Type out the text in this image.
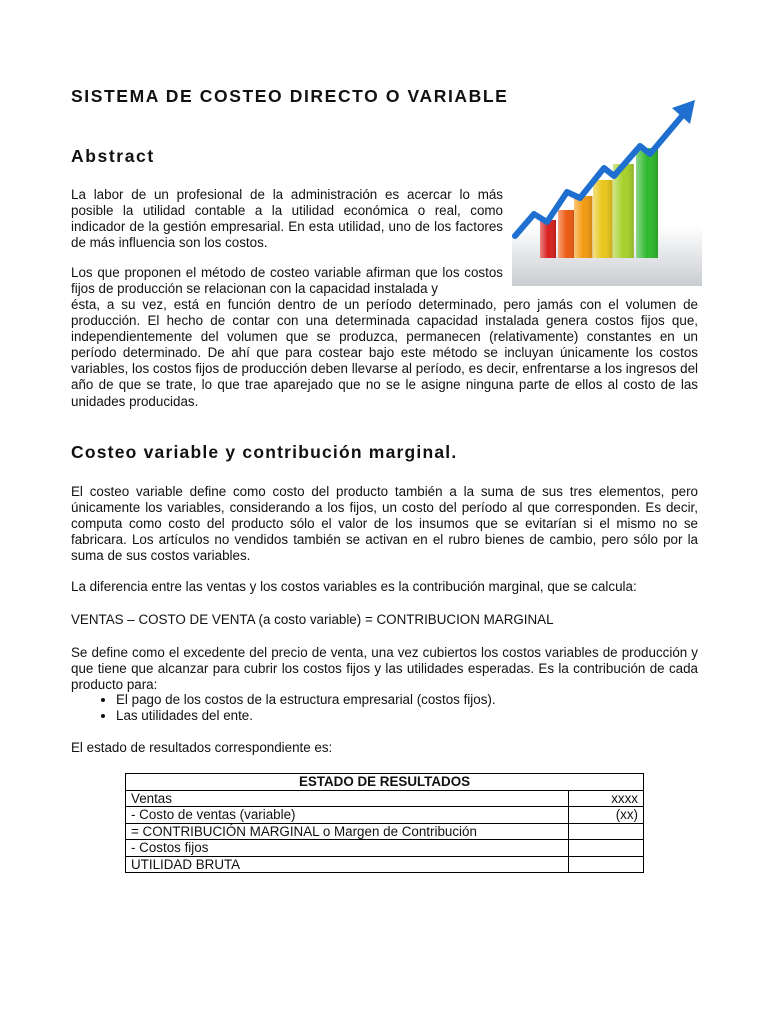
SISTEMA DE COSTEO DIRECTO O VARIABLE
Abstract
La labor de un profesional de la administración es acercar lo más posible la utilidad contable a la utilidad económica o real, como indicador de la gestión empresarial. En esta utilidad, uno de los factores de más influencia son los costos.
Los que proponen el método de costeo variable afirman que los costos fijos de producción se relacionan con la capacidad instalada y
ésta, a su vez, está en función dentro de un período determinado, pero jamás con el volumen de producción. El hecho de contar con una determinada capacidad instalada genera costos fijos que, independientemente del volumen que se produzca, permanecen (relativamente) constantes en un período determinado. De ahí que para costear bajo este método se incluyan únicamente los costos variables, los costos fijos de producción deben llevarse al período, es decir, enfrentarse a los ingresos del año de que se trate, lo que trae aparejado que no se le asigne ninguna parte de ellos al costo de las unidades producidas.
Costeo variable y contribución marginal.
El costeo variable define como costo del producto también a la suma de sus tres elementos, pero únicamente los variables, considerando a los fijos, un costo del período al que corresponden. Es decir, computa como costo del producto sólo el valor de los insumos que se evitarían si el mismo no se fabricara. Los artículos no vendidos también se activan en el rubro bienes de cambio, pero sólo por la suma de sus costos variables.
La diferencia entre las ventas y los costos variables es la contribución marginal, que se calcula:
VENTAS – COSTO DE VENTA (a costo variable) = CONTRIBUCION MARGINAL
Se define como el excedente del precio de venta, una vez cubiertos los costos variables de producción y que tiene que alcanzar para cubrir los costos fijos y las utilidades esperadas. Es la contribución de cada producto para:
• El pago de los costos de la estructura empresarial (costos fijos).
• Las utilidades del ente.
El estado de resultados correspondiente es:
ESTADO DE RESULTADOS	
Ventas	xxxx
- Costo de ventas (variable)	(xx)
= CONTRIBUCIÓN MARGINAL o Margen de Contribución	
- Costos fijos	
UTILIDAD BRUTA	
